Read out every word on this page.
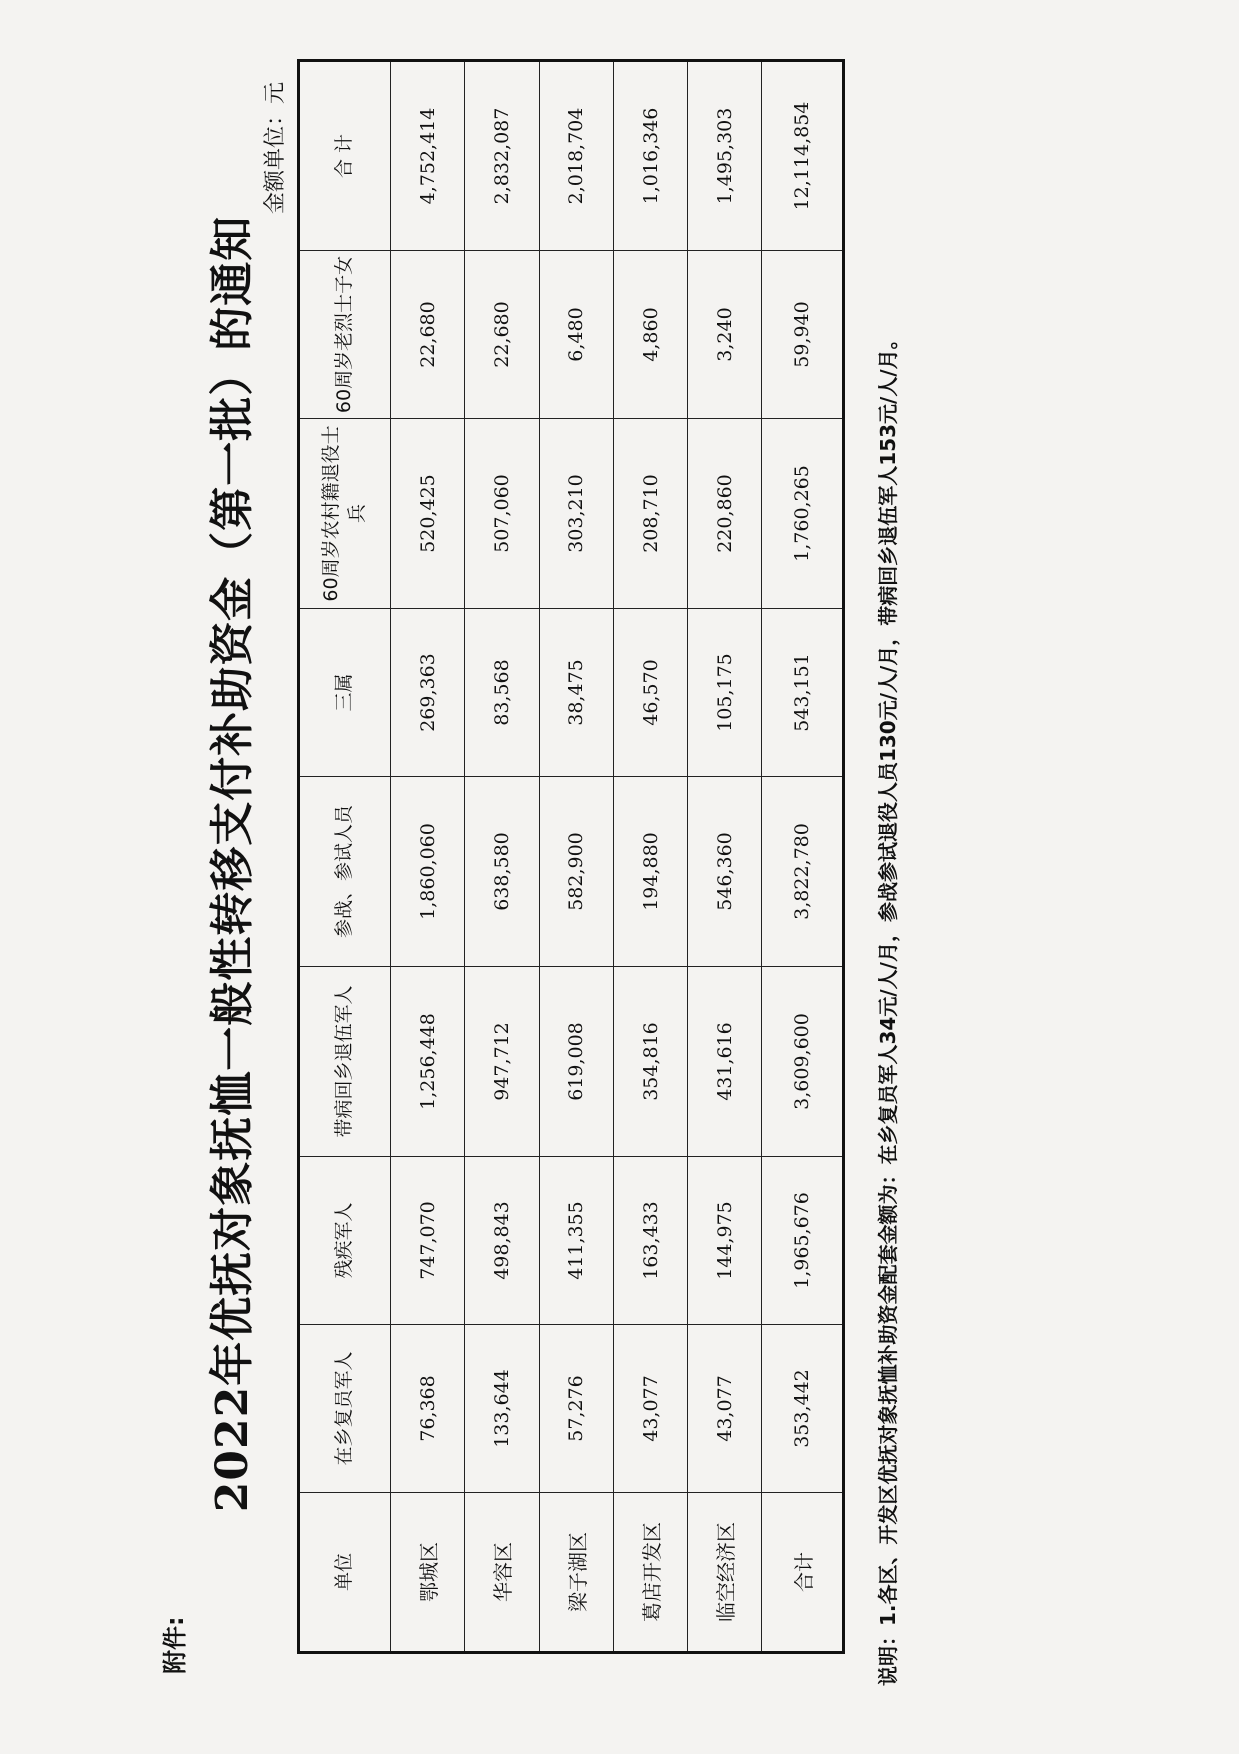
附件:
2022年优抚对象抚恤一般性转移支付补助资金（第一批）的通知
金额单位：元
单位	在乡复员军人	残疾军人	带病回乡退伍军人	参战、参试人员	三属	60周岁农村籍退役士兵	60周岁老烈士子女	合 计
鄂城区	76,368	747,070	1,256,448	1,860,060	269,363	520,425	22,680	4,752,414
华容区	133,644	498,843	947,712	638,580	83,568	507,060	22,680	2,832,087
梁子湖区	57,276	411,355	619,008	582,900	38,475	303,210	6,480	2,018,704
葛店开发区	43,077	163,433	354,816	194,880	46,570	208,710	4,860	1,016,346
临空经济区	43,077	144,975	431,616	546,360	105,175	220,860	3,240	1,495,303
合计	353,442	1,965,676	3,609,600	3,822,780	543,151	1,760,265	59,940	12,114,854
说明：1.各区、开发区优抚对象抚恤补助资金配套金额为：在乡复员军人34元/人/月，参战参试退役人员130元/人/月，带病回乡退伍军人153元/人/月。
